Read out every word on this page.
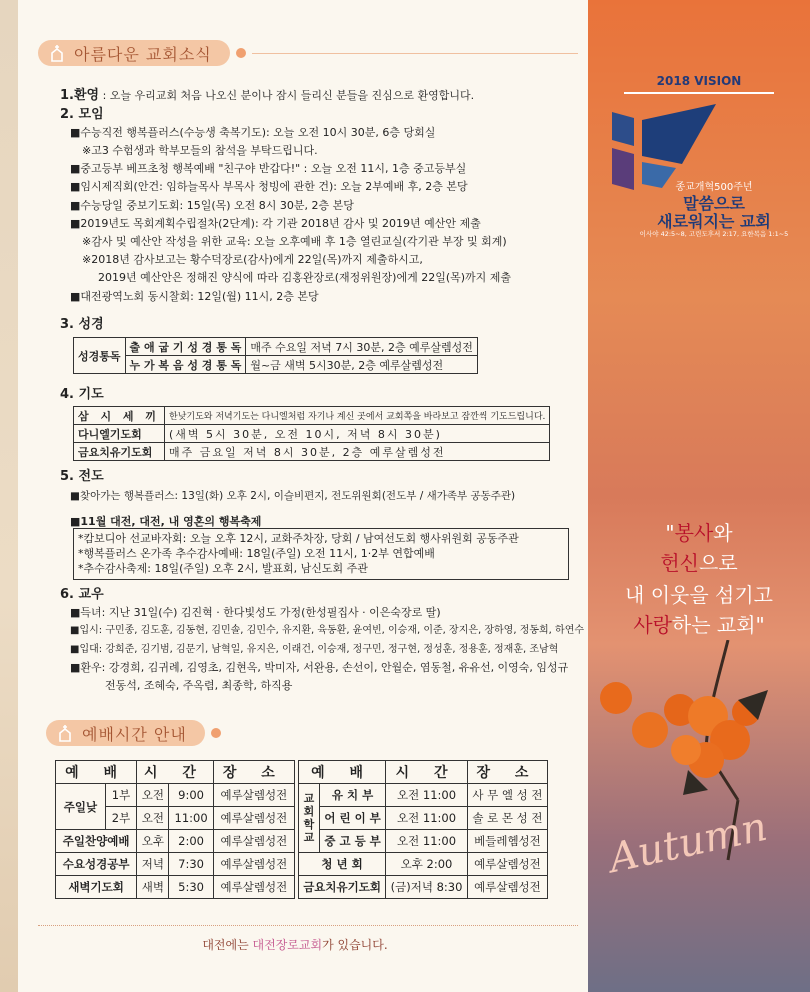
아름다운 교회소식
1.환영 : 오늘 우리교회 처음 나오신 분이나 잠시 들리신 분들을 진심으로 환영합니다.
2. 모임
■수능직전 행복플러스(수능생 축복기도): 오늘 오전 10시 30분, 6층 당회실
※고3 수험생과 학부모들의 참석을 부탁드립니다.
■중고등부 베프초청 행복예배 "친구야 반갑다!" : 오늘 오전 11시, 1층 중고등부실
■임시제직회(안건: 임하늘목사 부목사 청빙에 관한 건): 오늘 2부예배 후, 2층 본당
■수능당일 중보기도회: 15일(목) 오전 8시 30분, 2층 본당
■2019년도 목회계획수립절차(2단계): 각 기관 2018년 감사 및 2019년 예산안 제출
※감사 및 예산안 작성을 위한 교육: 오늘 오후예배 후 1층 열린교실(각기관 부장 및 회계)
※2018년 감사보고는 황수덕장로(감사)에게 22일(목)까지 제출하시고,
2019년 예산안은 정해진 양식에 따라 김홍완장로(재정위원장)에게 22일(목)까지 제출
■대전광역노회 동시찰회: 12일(월) 11시, 2층 본당
3. 성경
성경통독	출 애 굽 기 성 경 통 독	매주 수요일 저녁 7시 30분, 2층 예루살렘성전
	누 가 복 음 성 경 통 독	월~금 새벽 5시30분, 2층 예루살렘성전
4. 기도
삼 시 세 끼	한낮기도와 저녁기도는 다니엘처럼 자기나 계신 곳에서 교회쪽을 바라보고 잠깐씩 기도드립니다.
다니엘기도회	(새벽 5시 30분, 오전 10시, 저녁 8시 30분)
금요치유기도회	매주 금요일 저녁 8시 30분, 2층 예루살렘성전
5. 전도
■찾아가는 행복플러스: 13일(화) 오후 2시, 이슬비편지, 전도위원회(전도부 / 새가족부 공동주관)
■11월 대전, 대전, 내 영혼의 행복축제
*캄보디아 선교바자회: 오늘 오후 12시, 교화주차장, 당회 / 남여선도회 행사위원회 공동주관
*행복플러스 온가족 추수감사예배: 18일(주일) 오전 11시, 1·2부 연합예배
*추수감사축제: 18일(주일) 오후 2시, 발표회, 남신도회 주관
6. 교우
■득녀: 지난 31일(수) 김진혁 · 한다빛성도 가정(한성필집사 · 이은숙장로 딸)
■입시: 구민종, 김도훈, 김동현, 김민솔, 김민수, 유지환, 육동환, 윤여빈, 이승재, 이준, 장지은, 장하영, 정동희, 하연수
■입대: 강희준, 김기범, 김문기, 남혁일, 유지은, 이래건, 이승재, 정구민, 정구현, 정성훈, 정용훈, 정재훈, 조남혁
■환우: 강경희, 김귀례, 김영초, 김현옥, 박미자, 서완용, 손선이, 안월순, 염동철, 유유선, 이영숙, 임성규
전동석, 조혜숙, 주옥렴, 최종학, 하직용
예배시간 안내
예 배		시 간		장 소
주일낮	1부	오전	9:00	예루살렘성전
	2부	오전	11:00	예루살렘성전
주일찬양예배		오후	2:00	예루살렘성전
수요성경공부		저녁	7:30	예루살렘성전
새벽기도회		새벽	5:30	예루살렘성전
예 배		시 간	장 소
교회학교	유 치 부	오전 11:00	사 무 엘 성 전
	어 린 이 부	오전 11:00	솔 로 몬 성 전
	중 고 등 부	오전 11:00	베들레헴성전
청 년 회		오후 2:00	예루살렘성전
금요치유기도회		(금)저녁 8:30	예루살렘성전
대전에는 대전장로교회가 있습니다.
2018 VISION
종교개혁500주년
말씀으로
새로워지는 교회
이사야 42:5~8, 고린도후서 2:17, 요한복음 1:1~5
"봉사와
헌신으로
내 이웃을 섬기고
사랑하는 교회"
Autumn
